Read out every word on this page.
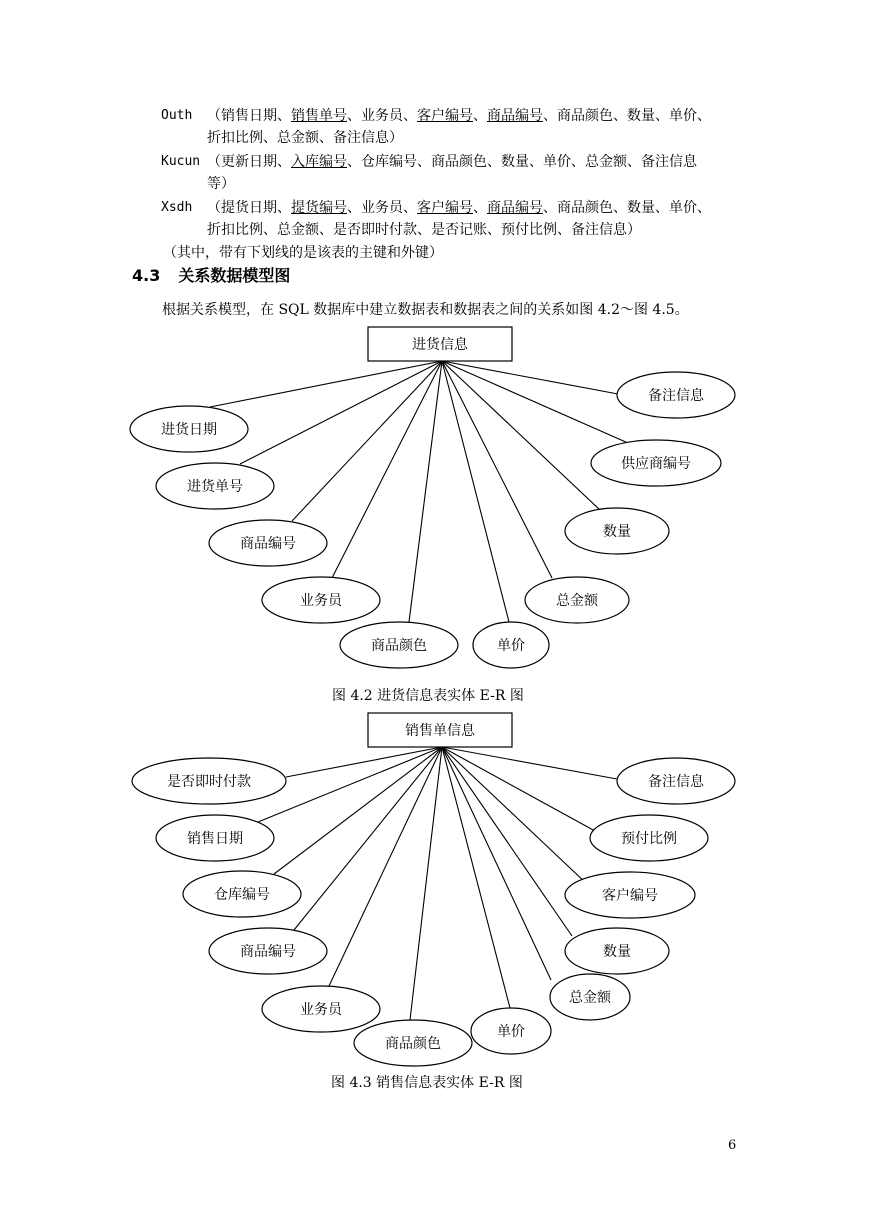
Outh （销售日期、销售单号、业务员、客户编号、商品编号、商品颜色、数量、单价、
折扣比例、总金额、备注信息）
Kucun （更新日期、入库编号、仓库编号、商品颜色、数量、单价、总金额、备注信息
等）
Xsdh （提货日期、提货编号、业务员、客户编号、商品编号、商品颜色、数量、单价、
折扣比例、总金额、是否即时付款、是否记账、预付比例、备注信息）
（其中，带有下划线的是该表的主键和外键）
4.3 关系数据模型图
根据关系模型，在 SQL 数据库中建立数据表和数据表之间的关系如图 4.2～图 4.5。
进货信息
进货日期
进货单号
商品编号
业务员
商品颜色	单价
总金额
数量
供应商编号
备注信息
销售单信息
是否即时付款
销售日期
仓库编号
商品编号
业务员
商品颜色
单价
总金额
数量
客户编号
预付比例
备注信息
图 4.2 进货信息表实体 E-R 图
图 4.3 销售信息表实体 E-R 图
6
